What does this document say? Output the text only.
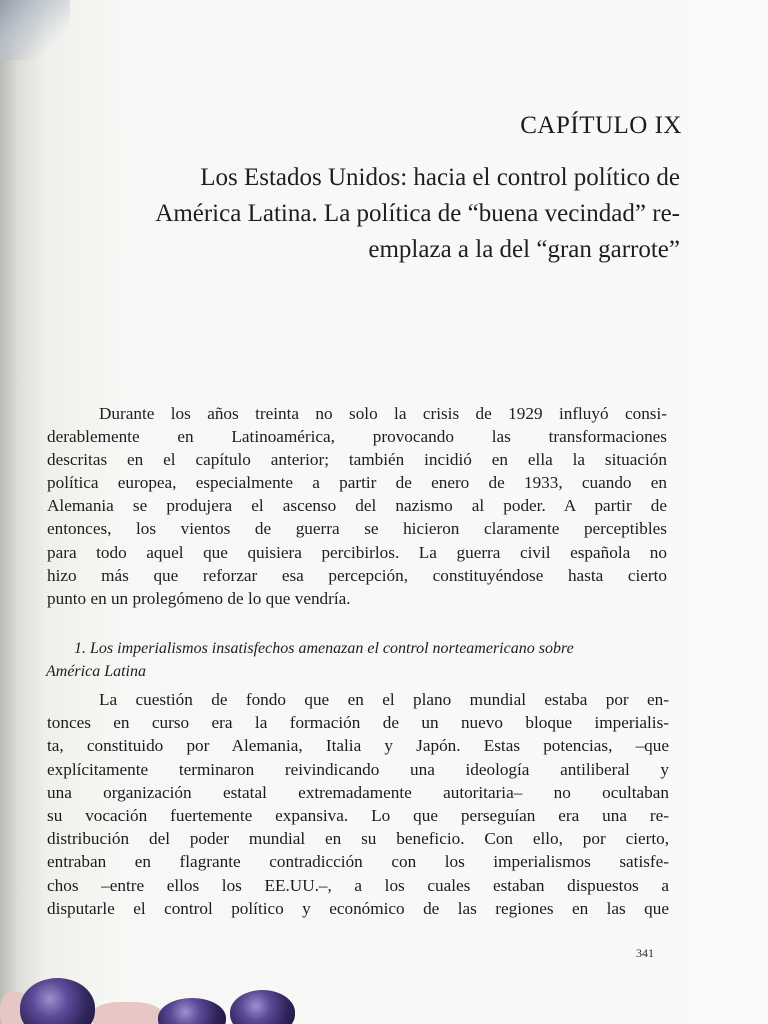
CAPÍTULO IX
Los Estados Unidos: hacia el control político de
América Latina. La política de “buena vecindad” re-
emplaza a la del “gran garrote”
Durante los años treinta no solo la crisis de 1929 influyó consi-
derablemente en Latinoamérica, provocando las transformaciones
descritas en el capítulo anterior; también incidió en ella la situación
política europea, especialmente a partir de enero de 1933, cuando en
Alemania se produjera el ascenso del nazismo al poder. A partir de
entonces, los vientos de guerra se hicieron claramente perceptibles
para todo aquel que quisiera percibirlos. La guerra civil española no
hizo más que reforzar esa percepción, constituyéndose hasta cierto
punto en un prolegómeno de lo que vendría.
1. Los imperialismos insatisfechos amenazan el control norteamericano sobre
América Latina
La cuestión de fondo que en el plano mundial estaba por en-
tonces en curso era la formación de un nuevo bloque imperialis-
ta, constituido por Alemania, Italia y Japón. Estas potencias, –que
explícitamente terminaron reivindicando una ideología antiliberal y
una organización estatal extremadamente autoritaria– no ocultaban
su vocación fuertemente expansiva. Lo que perseguían era una re-
distribución del poder mundial en su beneficio. Con ello, por cierto,
entraban en flagrante contradicción con los imperialismos satisfe-
chos –entre ellos los EE.UU.–, a los cuales estaban dispuestos a
disputarle el control político y económico de las regiones en las que
341
